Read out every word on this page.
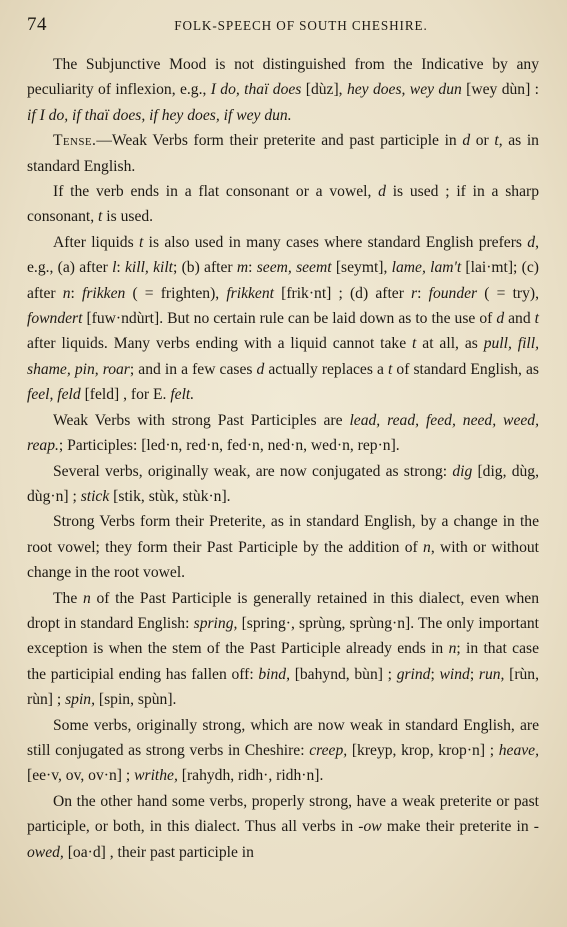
74	FOLK-SPEECH OF SOUTH CHESHIRE.

The Subjunctive Mood is not distinguished from the Indicative by any peculiarity of inflexion, e.g., I do, thaï does [dùz], hey does, wey dun [wey dùn] : if I do, if thaï does, if hey does, if wey dun.

Tense.—Weak Verbs form their preterite and past participle in d or t, as in standard English.

If the verb ends in a flat consonant or a vowel, d is used ; if in a sharp consonant, t is used.

After liquids t is also used in many cases where standard English prefers d, e.g., (a) after l: kill, kilt; (b) after m: seem, seemt [seymt], lame, lam't [lai·mt]; (c) after n: frikken ( = frighten), frikkent [frik·nt] ; (d) after r: founder ( = try), fowndert [fuw·ndùrt]. But no certain rule can be laid down as to the use of d and t after liquids. Many verbs ending with a liquid cannot take t at all, as pull, fill, shame, pin, roar; and in a few cases d actually replaces a t of standard English, as feel, feld [feld] , for E. felt.

Weak Verbs with strong Past Participles are lead, read, feed, need, weed, reap.; Participles: [led·n, red·n, fed·n, ned·n, wed·n, rep·n].

Several verbs, originally weak, are now conjugated as strong: dig [dig, dùg, dùg·n] ; stick [stik, stùk, stùk·n].

Strong Verbs form their Preterite, as in standard English, by a change in the root vowel; they form their Past Participle by the addition of n, with or without change in the root vowel.

The n of the Past Participle is generally retained in this dialect, even when dropt in standard English: spring, [spring·, sprùng, sprùng·n]. The only important exception is when the stem of the Past Participle already ends in n; in that case the participial ending has fallen off: bind, [bahynd, bùn] ; grind; wind; run, [rùn, rùn] ; spin, [spin, spùn].

Some verbs, originally strong, which are now weak in standard English, are still conjugated as strong verbs in Cheshire: creep, [kreyp, krop, krop·n] ; heave, [ee·v, ov, ov·n] ; writhe, [rahydh, ridh·, ridh·n].

On the other hand some verbs, properly strong, have a weak preterite or past participle, or both, in this dialect. Thus all verbs in -ow make their preterite in -owed, [oa·d] , their past participle in
